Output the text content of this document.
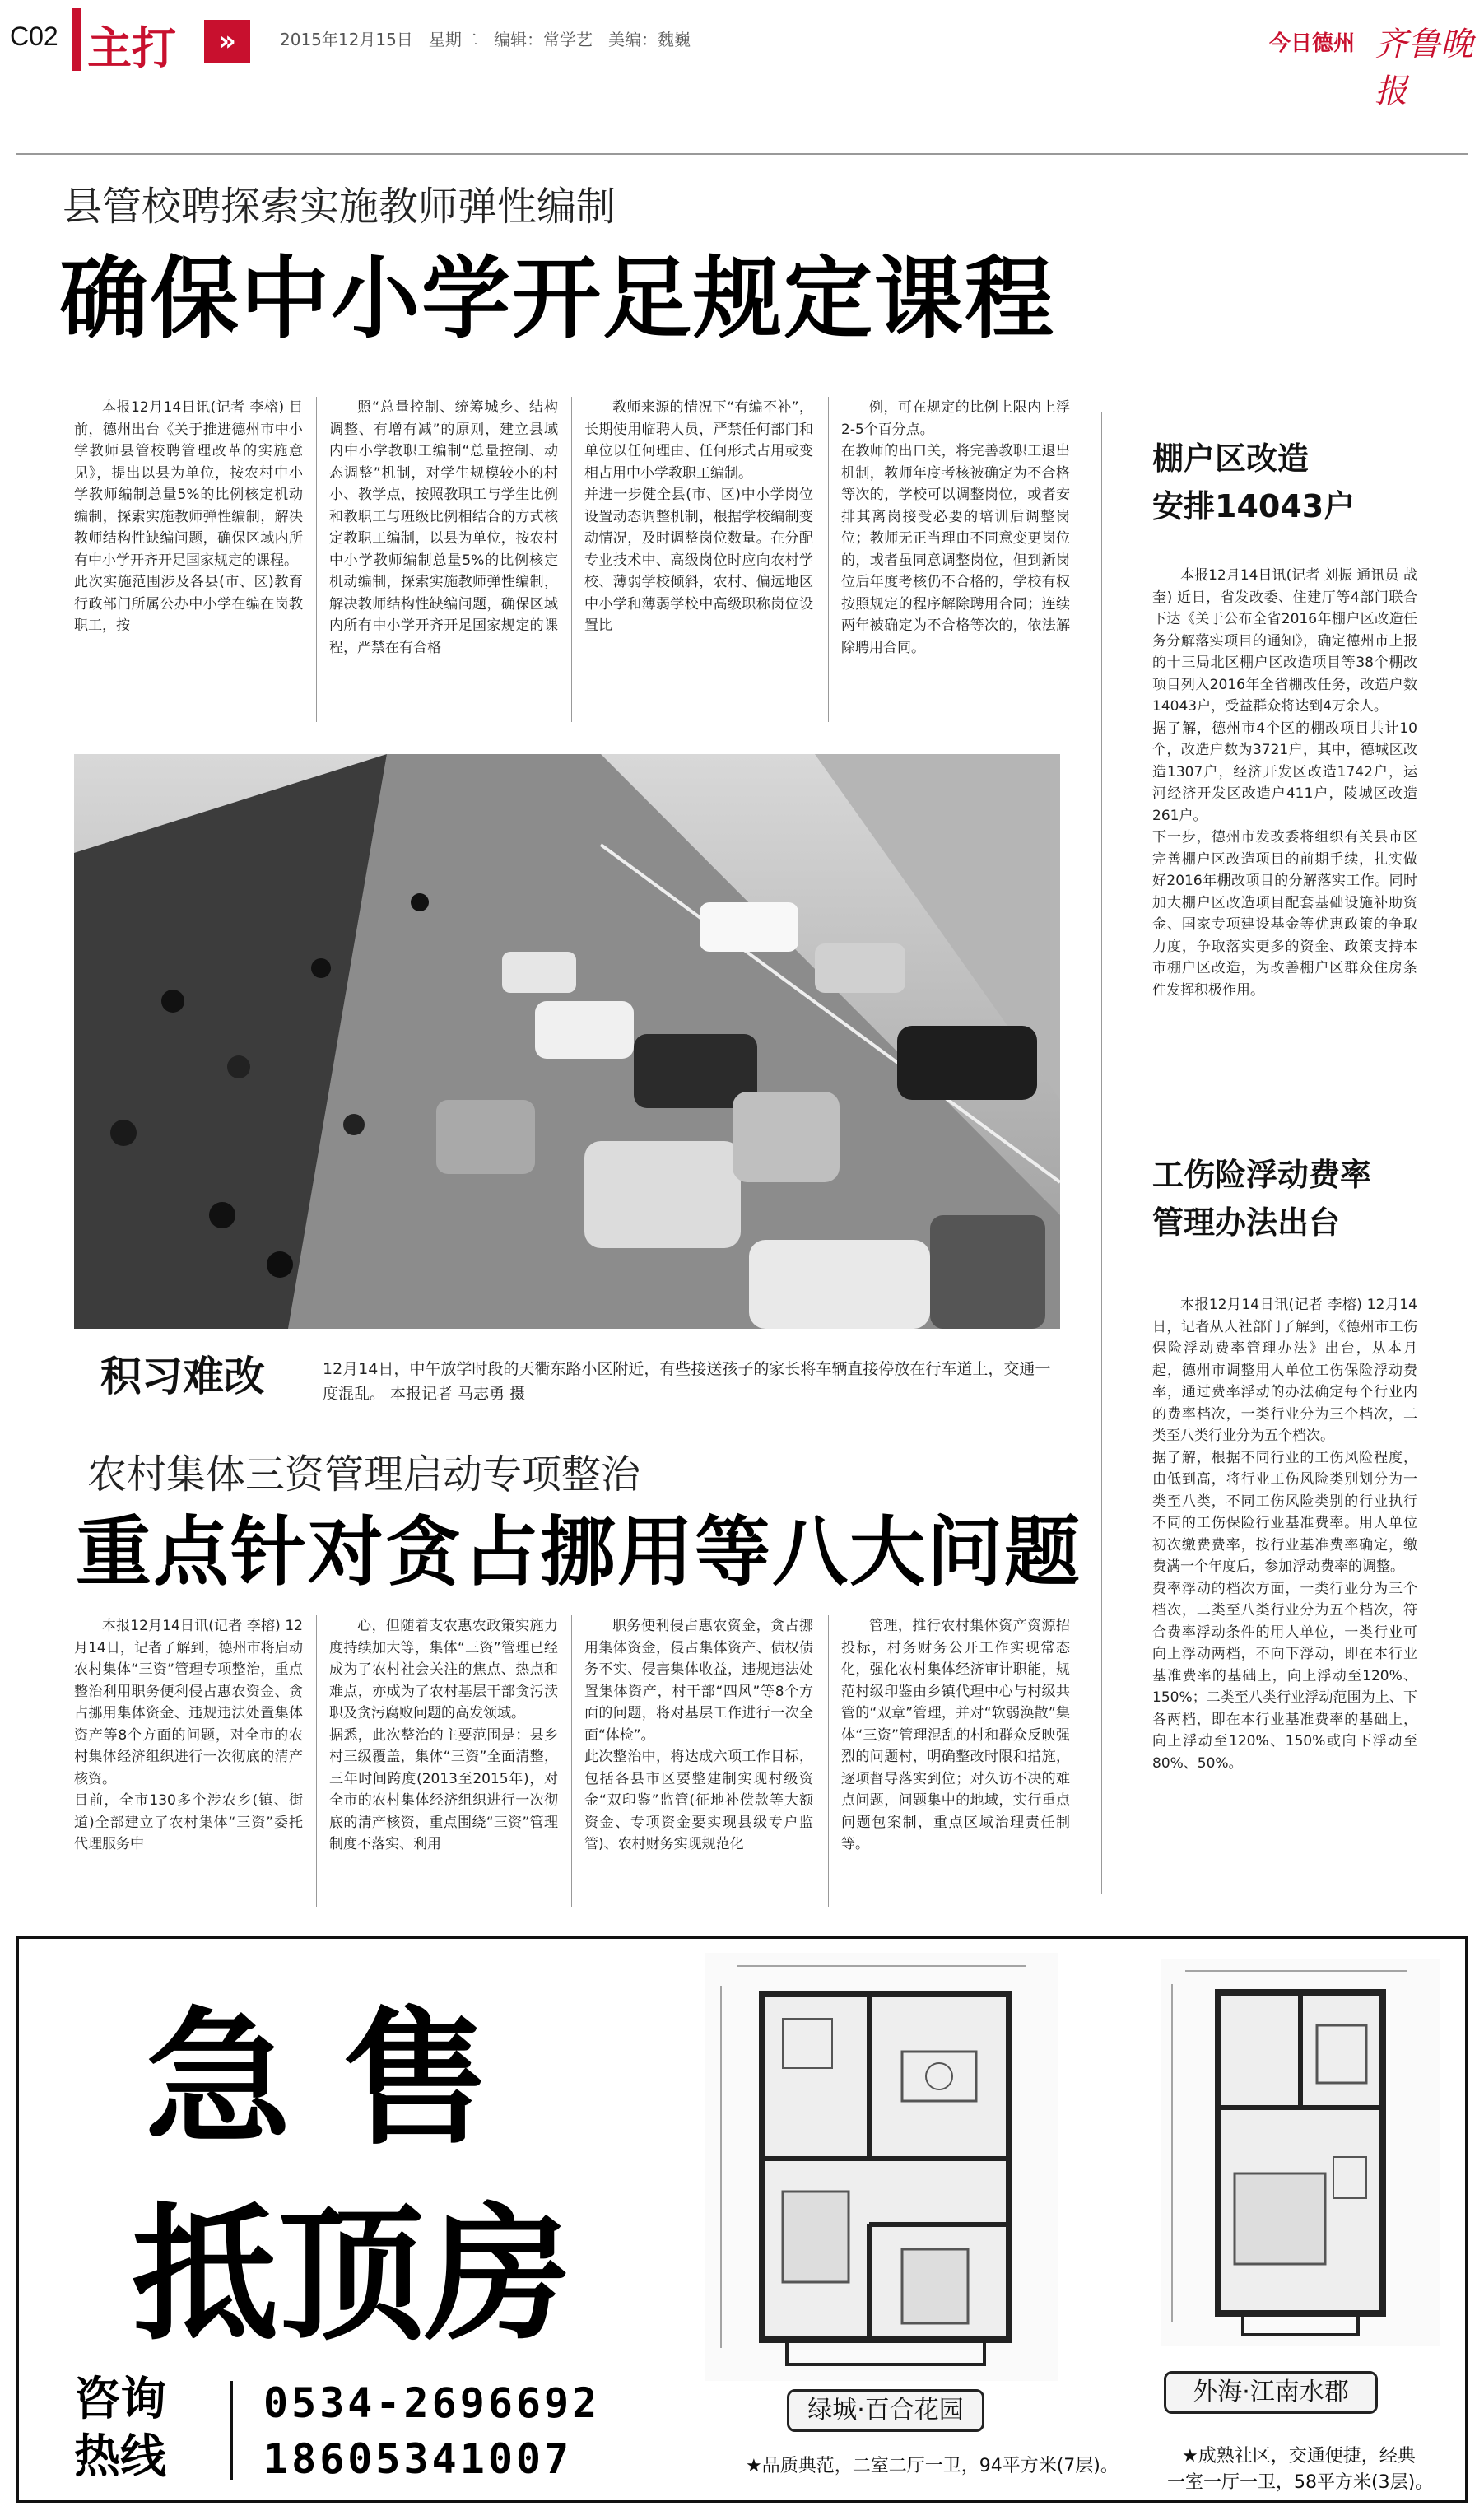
C02 主打	»	2015年12月15日   星期二   编辑：常学艺   美编：魏巍	今日德州 齐鲁晚报
县管校聘探索实施教师弹性编制
确保中小学开足规定课程
本报12月14日讯(记者 李榕) 目前，德州出台《关于推进德州市中小学教师县管校聘管理改革的实施意见》，提出以县为单位，按农村中小学教师编制总量5%的比例核定机动编制，探索实施教师弹性编制，解决教师结构性缺编问题，确保区域内所有中小学开齐开足国家规定的课程。
此次实施范围涉及各县(市、区)教育行政部门所属公办中小学在编在岗教职工，按
照“总量控制、统筹城乡、结构调整、有增有减”的原则，建立县域内中小学教职工编制“总量控制、动态调整”机制，对学生规模较小的村小、教学点，按照教职工与学生比例和教职工与班级比例相结合的方式核定教职工编制，以县为单位，按农村中小学教师编制总量5%的比例核定机动编制，探索实施教师弹性编制，解决教师结构性缺编问题，确保区域内所有中小学开齐开足国家规定的课程，严禁在有合格
教师来源的情况下“有编不补”，长期使用临聘人员，严禁任何部门和单位以任何理由、任何形式占用或变相占用中小学教职工编制。
并进一步健全县(市、区)中小学岗位设置动态调整机制，根据学校编制变动情况，及时调整岗位数量。在分配专业技术中、高级岗位时应向农村学校、薄弱学校倾斜，农村、偏远地区中小学和薄弱学校中高级职称岗位设置比
例，可在规定的比例上限内上浮2-5个百分点。
在教师的出口关，将完善教职工退出机制，教师年度考核被确定为不合格等次的，学校可以调整岗位，或者安排其离岗接受必要的培训后调整岗位；教师无正当理由不同意变更岗位的，或者虽同意调整岗位，但到新岗位后年度考核仍不合格的，学校有权按照规定的程序解除聘用合同；连续两年被确定为不合格等次的，依法解除聘用合同。
棚户区改造
安排14043户
本报12月14日讯(记者 刘振 通讯员 战奎) 近日，省发改委、住建厅等4部门联合下达《关于公布全省2016年棚户区改造任务分解落实项目的通知》，确定德州市上报的十三局北区棚户区改造项目等38个棚改项目列入2016年全省棚改任务，改造户数14043户，受益群众将达到4万余人。
据了解，德州市4个区的棚改项目共计10个，改造户数为3721户，其中，德城区改造1307户，经济开发区改造1742户，运河经济开发区改造户411户，陵城区改造261户。
下一步，德州市发改委将组织有关县市区完善棚户区改造项目的前期手续，扎实做好2016年棚改项目的分解落实工作。同时加大棚户区改造项目配套基础设施补助资金、国家专项建设基金等优惠政策的争取力度，争取落实更多的资金、政策支持本市棚户区改造，为改善棚户区群众住房条件发挥积极作用。
工伤险浮动费率
管理办法出台
本报12月14日讯(记者 李榕) 12月14日，记者从人社部门了解到，《德州市工伤保险浮动费率管理办法》出台，从本月起，德州市调整用人单位工伤保险浮动费率，通过费率浮动的办法确定每个行业内的费率档次，一类行业分为三个档次，二类至八类行业分为五个档次。
据了解，根据不同行业的工伤风险程度，由低到高，将行业工伤风险类别划分为一类至八类，不同工伤风险类别的行业执行不同的工伤保险行业基准费率。用人单位初次缴费费率，按行业基准费率确定，缴费满一个年度后，参加浮动费率的调整。
费率浮动的档次方面，一类行业分为三个档次，二类至八类行业分为五个档次，符合费率浮动条件的用人单位，一类行业可向上浮动两档，不向下浮动，即在本行业基准费率的基础上，向上浮动至120%、150%；二类至八类行业浮动范围为上、下各两档，即在本行业基准费率的基础上，向上浮动至120%、150%或向下浮动至80%、50%。
积习难改	12月14日，中午放学时段的天衢东路小区附近，有些接送孩子的家长将车辆直接停放在行车道上，交通一度混乱。 本报记者 马志勇 摄
农村集体三资管理启动专项整治
重点针对贪占挪用等八大问题
本报12月14日讯(记者 李榕) 12月14日，记者了解到，德州市将启动农村集体“三资”管理专项整治，重点整治利用职务便利侵占惠农资金、贪占挪用集体资金、违规违法处置集体资产等8个方面的问题，对全市的农村集体经济组织进行一次彻底的清产核资。
目前，全市130多个涉农乡(镇、街道)全部建立了农村集体“三资”委托代理服务中
心，但随着支农惠农政策实施力度持续加大等，集体“三资”管理已经成为了农村社会关注的焦点、热点和难点，亦成为了农村基层干部贪污渎职及贪污腐败问题的高发领域。
据悉，此次整治的主要范围是：县乡村三级覆盖，集体“三资”全面清整，三年时间跨度(2013至2015年)，对全市的农村集体经济组织进行一次彻底的清产核资，重点围绕“三资”管理制度不落实、利用
职务便利侵占惠农资金，贪占挪用集体资金，侵占集体资产、债权债务不实、侵害集体收益，违规违法处置集体资产，村干部“四风”等8个方面的问题，将对基层工作进行一次全面“体检”。
此次整治中，将达成六项工作目标，包括各县市区要整建制实现村级资金“双印鉴”监管(征地补偿款等大额资金、专项资金要实现县级专户监管)、农村财务实现规范化
管理，推行农村集体资产资源招投标，村务财务公开工作实现常态化，强化农村集体经济审计职能，规范村级印鉴由乡镇代理中心与村级共管的“双章”管理，并对“软弱涣散”集体“三资”管理混乱的村和群众反映强烈的问题村，明确整改时限和措施，逐项督导落实到位；对久访不决的难点问题，问题集中的地域，实行重点问题包案制，重点区域治理责任制等。
急 售
抵顶房
咨询
热线
0534-2696692
18605341007
绿城·百合花园
★品质典范，二室二厅一卫，94平方米(7层)。
外海·江南水郡
★成熟社区，交通便捷，经典
一室一厅一卫，58平方米(3层)。
